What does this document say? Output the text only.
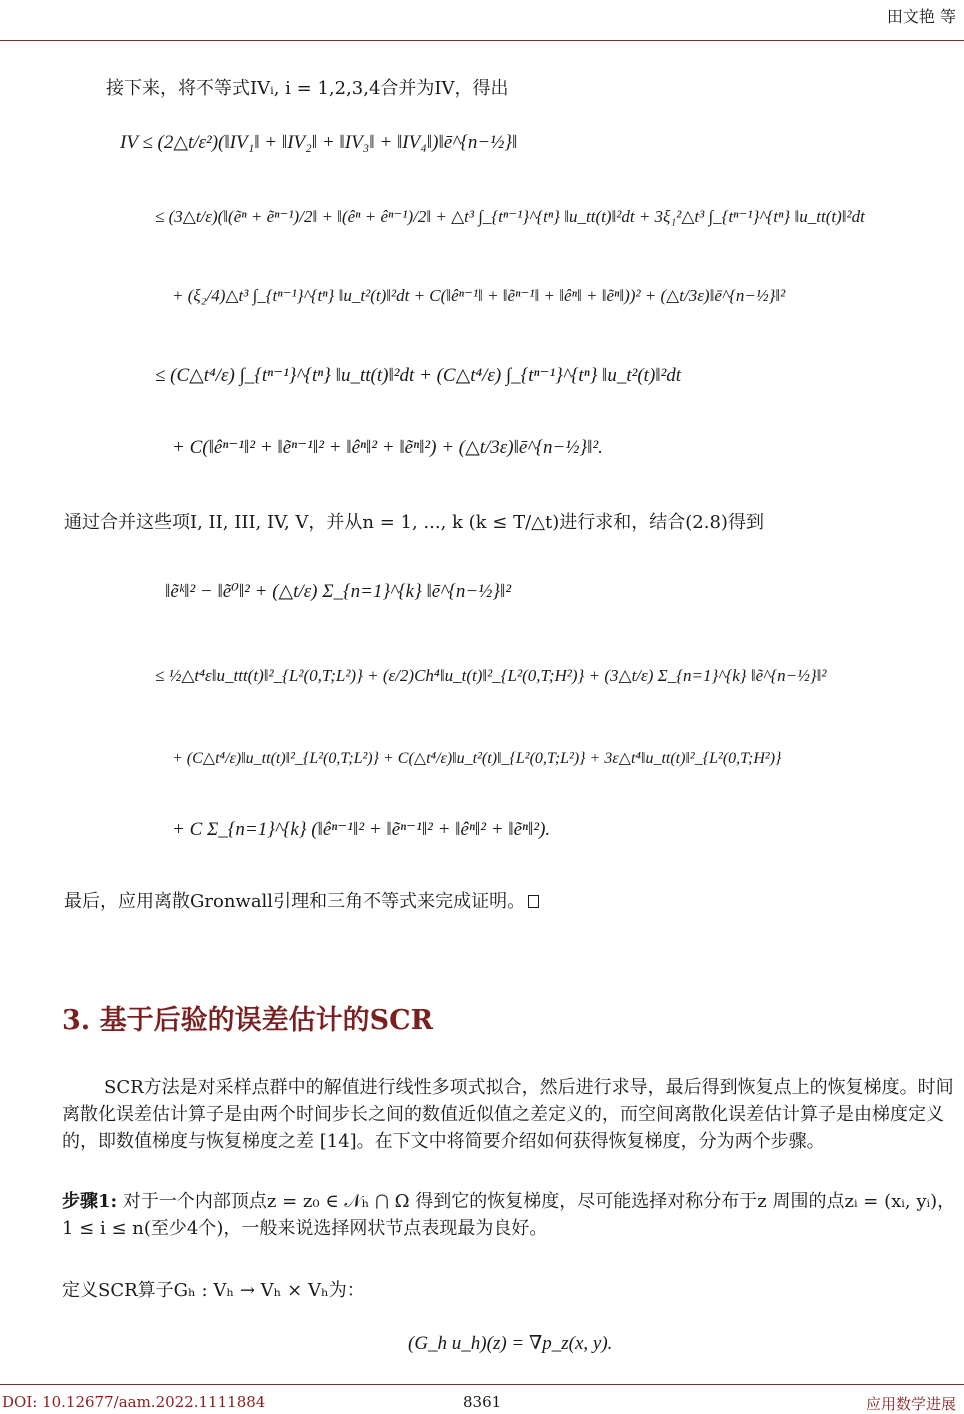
田文艳 等
接下来，将不等式IVᵢ, i = 1,2,3,4合并为IV，得出
IV ≤ (2△t/ε²)(‖IV₁‖ + ‖IV₂‖ + ‖IV₃‖ + ‖IV₄‖)‖ē^{n−½}‖
≤ (3△t/ε)(‖(ẽⁿ + ẽⁿ⁻¹)/2‖ + ‖(êⁿ + êⁿ⁻¹)/2‖ + △t³ ∫_{tⁿ⁻¹}^{tⁿ} ‖u_tt(t)‖²dt + 3ξ₁²△t³ ∫_{tⁿ⁻¹}^{tⁿ} ‖u_tt(t)‖²dt
+ (ξ₂/4)△t³ ∫_{tⁿ⁻¹}^{tⁿ} ‖u_t²(t)‖²dt + C(‖êⁿ⁻¹‖ + ‖ẽⁿ⁻¹‖ + ‖êⁿ‖ + ‖ẽⁿ‖))² + (△t/3ε)‖ē^{n−½}‖²
≤ (C△t⁴/ε) ∫_{tⁿ⁻¹}^{tⁿ} ‖u_tt(t)‖²dt + (C△t⁴/ε) ∫_{tⁿ⁻¹}^{tⁿ} ‖u_t²(t)‖²dt
+ C(‖êⁿ⁻¹‖² + ‖ẽⁿ⁻¹‖² + ‖êⁿ‖² + ‖ẽⁿ‖²) + (△t/3ε)‖ē^{n−½}‖².
通过合并这些项I, II, III, IV, V，并从n = 1, ..., k (k ≤ T/△t)进行求和，结合(2.8)得到
‖ẽᵏ‖² − ‖ẽ⁰‖² + (△t/ε) Σ_{n=1}^{k} ‖ē^{n−½}‖²
≤ ½△t⁴ε‖u_ttt(t)‖²_{L²(0,T;L²)} + (ε/2)Ch⁴‖u_t(t)‖²_{L²(0,T;H²)} + (3△t/ε) Σ_{n=1}^{k} ‖ẽ^{n−½}‖²
+ (C△t⁴/ε)‖u_tt(t)‖²_{L²(0,T;L²)} + C(△t⁴/ε)‖u_t²(t)‖_{L²(0,T;L²)} + 3ε△t⁴‖u_tt(t)‖²_{L²(0,T;H²)}
+ C Σ_{n=1}^{k} (‖êⁿ⁻¹‖² + ‖ẽⁿ⁻¹‖² + ‖êⁿ‖² + ‖ẽⁿ‖²).
最后，应用离散Gronwall引理和三角不等式来完成证明。
3. 基于后验的误差估计的SCR
SCR方法是对采样点群中的解值进行线性多项式拟合，然后进行求导，最后得到恢复点上的恢复梯度。时间离散化误差估计算子是由两个时间步长之间的数值近似值之差定义的，而空间离散化误差估计算子是由梯度定义的，即数值梯度与恢复梯度之差 [14]。在下文中将简要介绍如何获得恢复梯度，分为两个步骤。
步骤1: 对于一个内部顶点z = z₀ ∈ 𝒩ₕ ⋂ Ω 得到它的恢复梯度，尽可能选择对称分布于z 周围的点zᵢ = (xᵢ, yᵢ)，1 ≤ i ≤ n(至少4个)，一般来说选择网状节点表现最为良好。
定义SCR算子Gₕ : Vₕ → Vₕ × Vₕ为：
(G_h u_h)(z) = ∇p_z(x, y).
DOI: 10.12677/aam.2022.1111884	8361	应用数学进展
